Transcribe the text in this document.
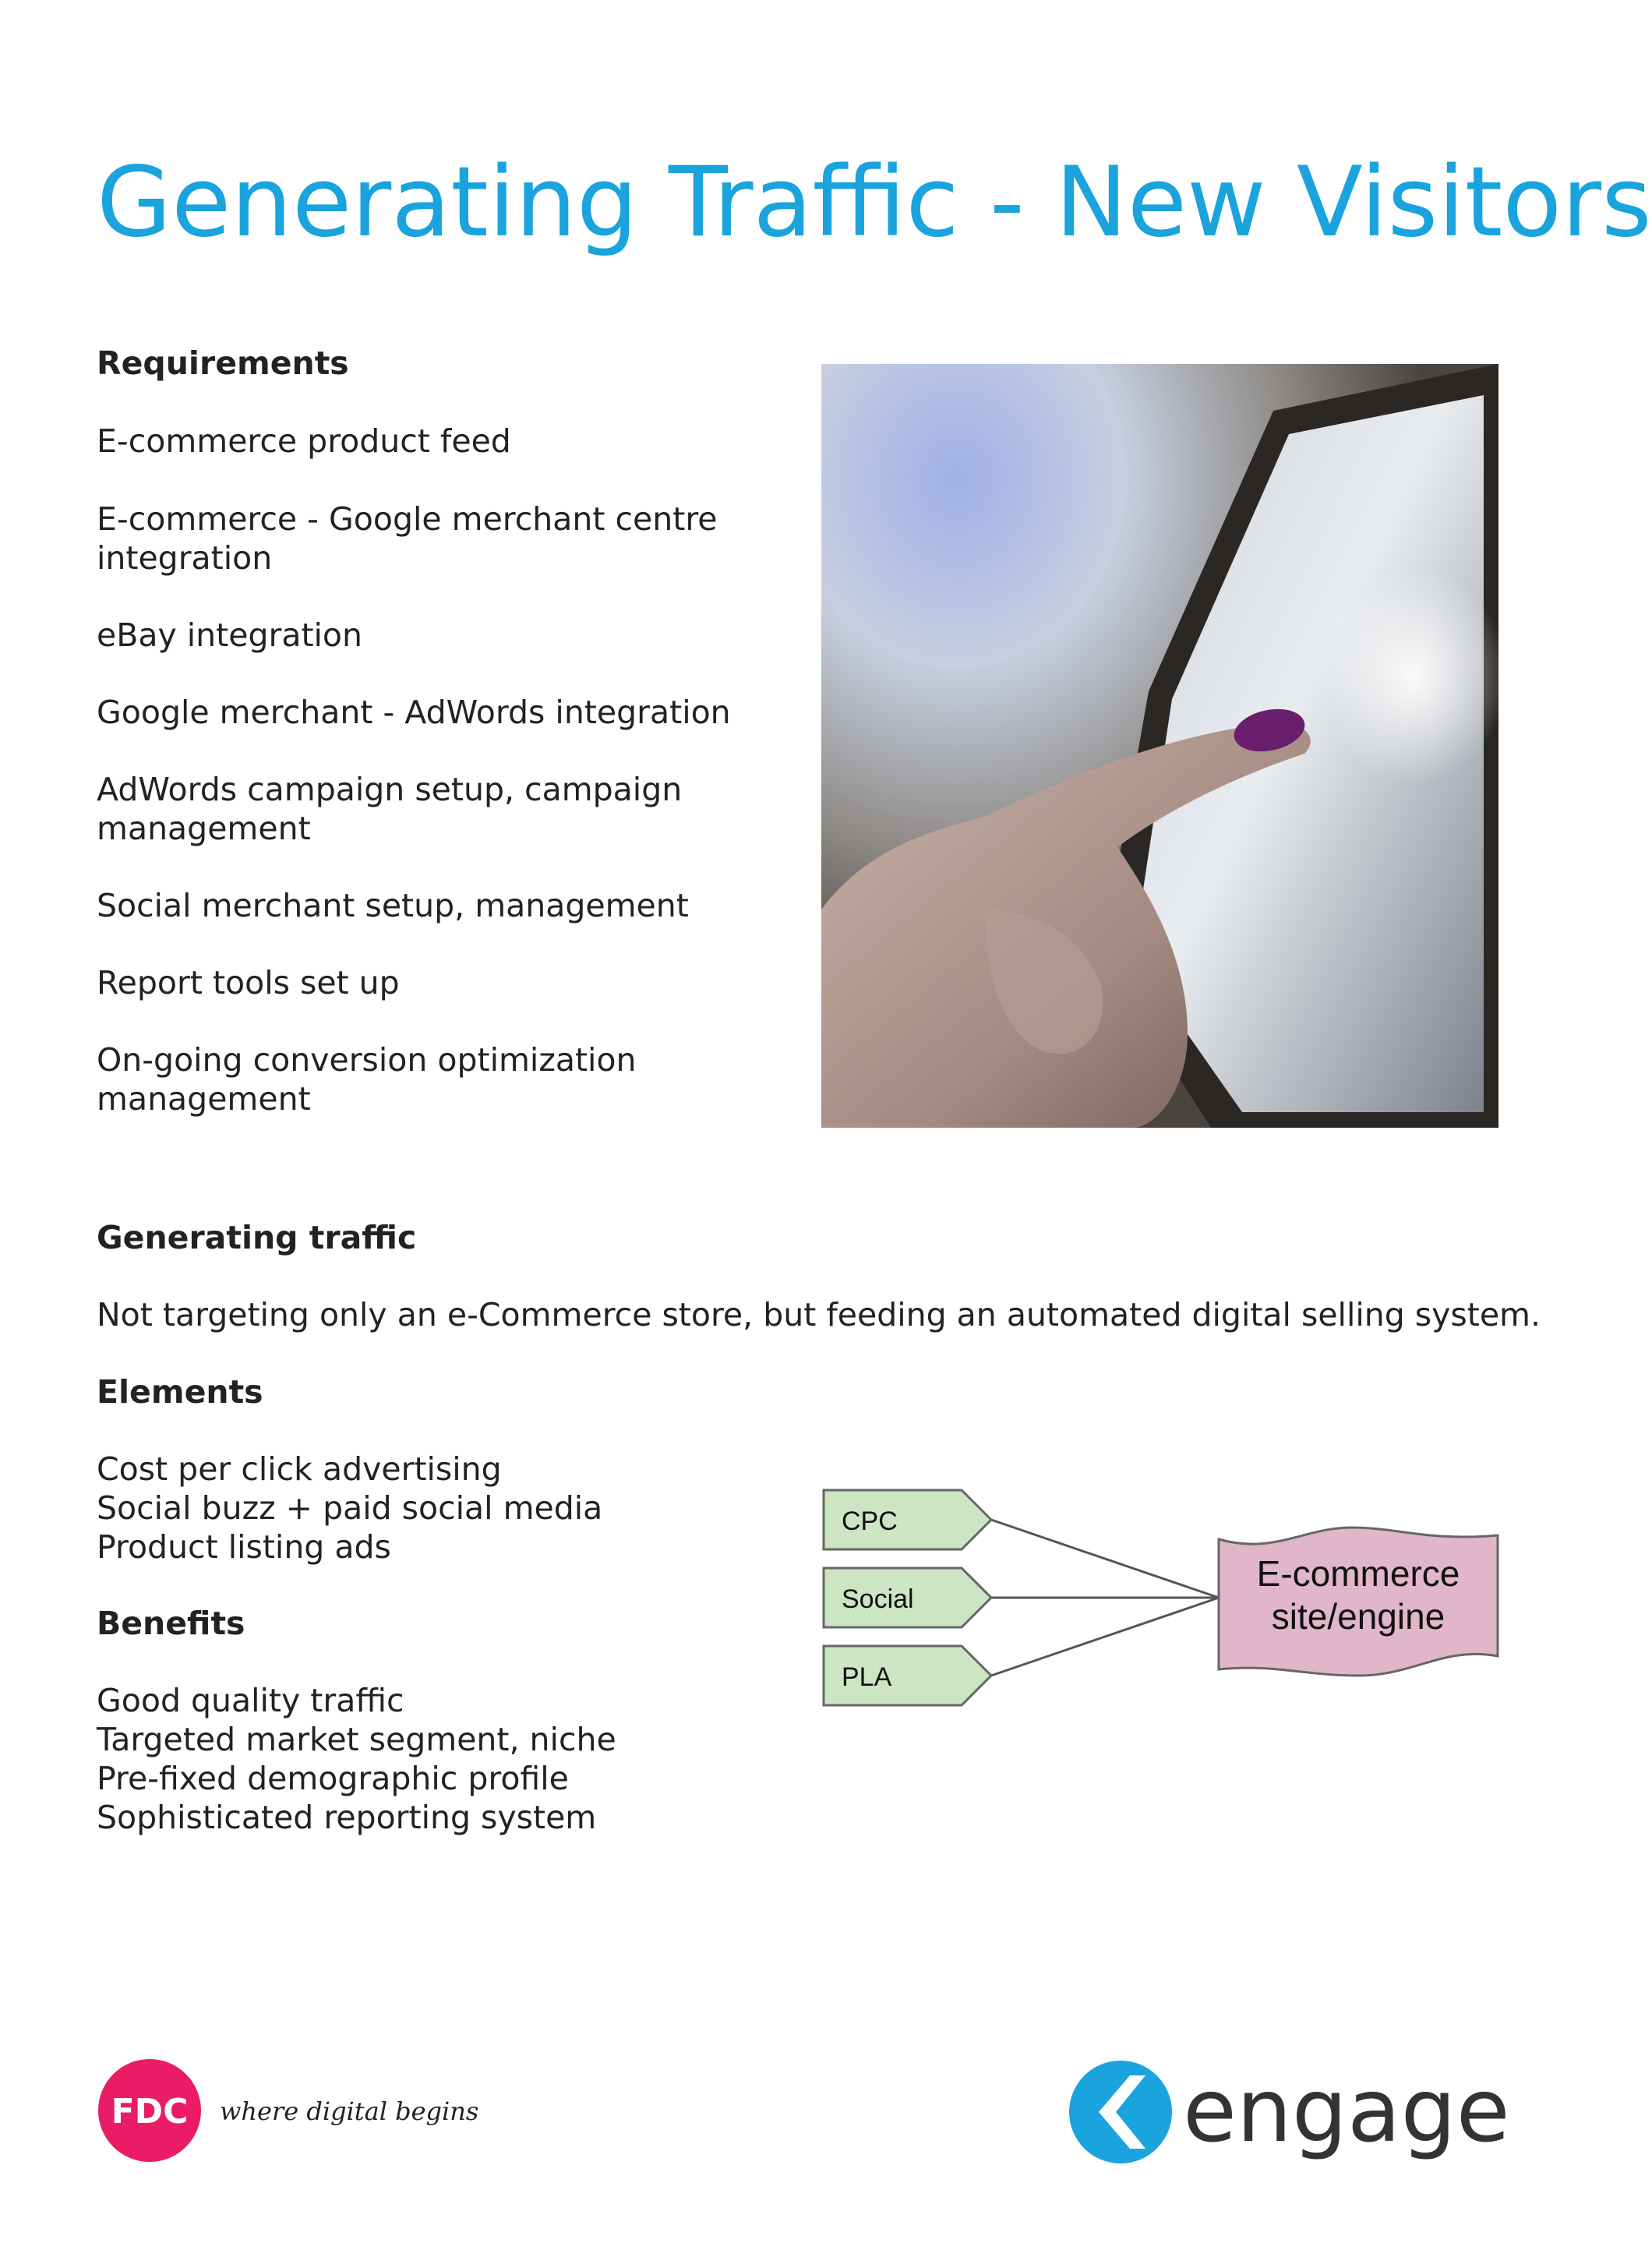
Generating Traffic - New Visitors
Requirements
E-commerce product feed
E-commerce - Google merchant centre
integration
eBay integration
Google merchant - AdWords integration
AdWords campaign setup, campaign
management
Social merchant setup, management
Report tools set up
On-going conversion optimization
management
Generating traffic
Not targeting only an e-Commerce store, but feeding an automated digital selling system.
Elements
Cost per click advertising
Social buzz + paid social media
Product listing ads
Benefits
Good quality traffic
Targeted market segment, niche
Pre-fixed demographic profile
Sophisticated reporting system
CPC
Social
PLA
E-commerce
site/engine
FDC where digital begins	engage
